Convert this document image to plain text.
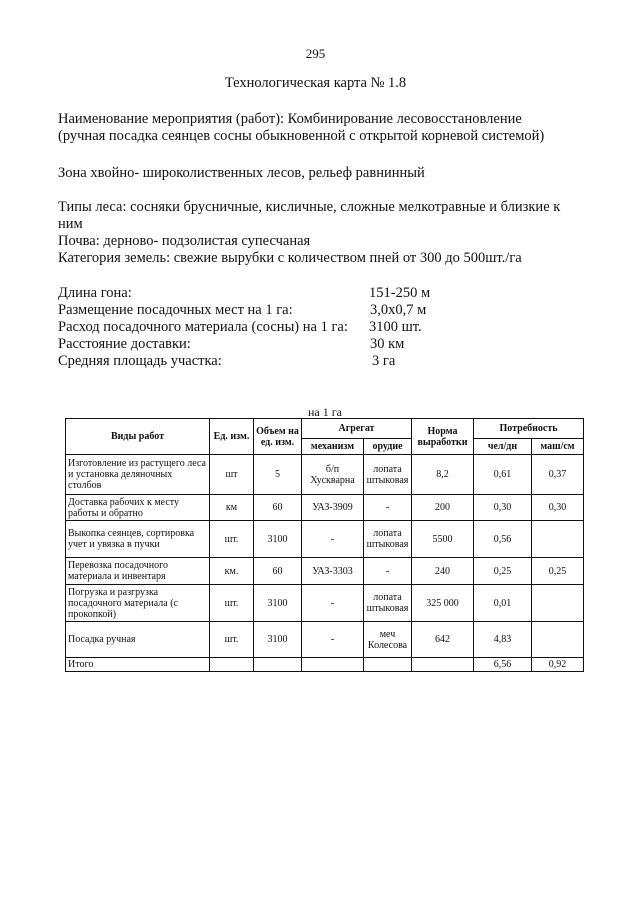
295
Технологическая карта № 1.8
Наименование мероприятия (работ): Комбинирование лесовосстановление
(ручная посадка сеянцев сосны обыкновенной с открытой корневой системой)
Зона хвойно- широколиственных лесов, рельеф равнинный
Типы леса: сосняки брусничные, кисличные, сложные мелкотравные и близкие к
ним
Почва: дерново- подзолистая супесчаная
Категория земель: свежие вырубки с количеством пней от 300 до 500шт./га
Длина гона:	151-250 м
Размещение посадочных мест на 1 га:	3,0х0,7 м
Расход посадочного материала (сосны) на 1 га: 3100 шт.
Расстояние доставки:	30 км
Средняя площадь участка:	3 га
на 1 га
Виды работ	Ед. изм.	Объем на ед. изм.	Агрегат		Норма выработки	Потребность	
			механизм	орудие		чел/дн	маш/см
Изготовление из растущего леса и установка деляночных столбов	шт	5	б/п Хускварна	лопата штыковая	8,2	0,61	0,37
Доставка рабочих к месту работы и обратно	км	60	УАЗ-3909	-	200	0,30	0,30
Выкопка сеянцев, сортировка учет и увязка в пучки	шт.	3100	-	лопата штыковая	5500	0,56	
Перевозка посадочного материала и инвентаря	км.	60	УАЗ-3303	-	240	0,25	0,25
Погрузка и разгрузка посадочного материала (с прокопкой)	шт.	3100	-	лопата штыковая	325 000	0,01	
Посадка ручная	шт.	3100	-	меч Колесова	642	4,83	
Итого						6,56	0,92
